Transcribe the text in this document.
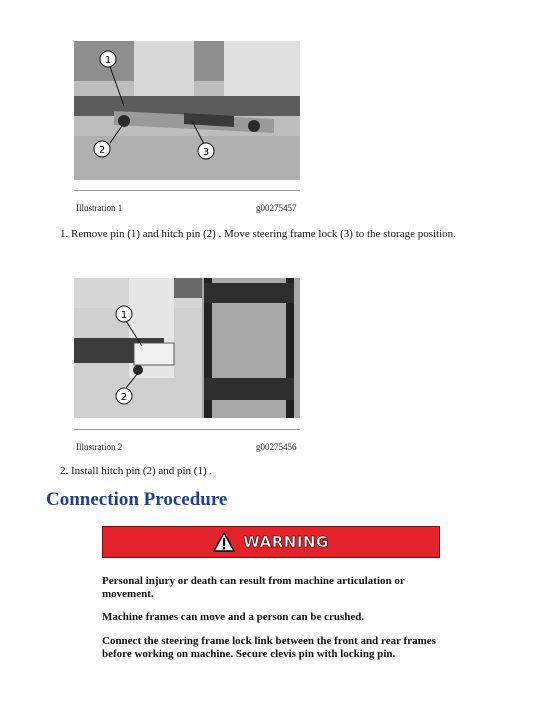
1
2	3
Illustration 1	g00275457
1. Remove pin (1) and hitch pin (2) . Move steering frame lock (3) to the storage position.
1
2
Illustration 2	g00275456
2. Install hitch pin (2) and pin (1) .
Connection Procedure
WARNING
Personal injury or death can result from machine articulation or movement.
Machine frames can move and a person can be crushed.
Connect the steering frame lock link between the front and rear frames before working on machine. Secure clevis pin with locking pin.
